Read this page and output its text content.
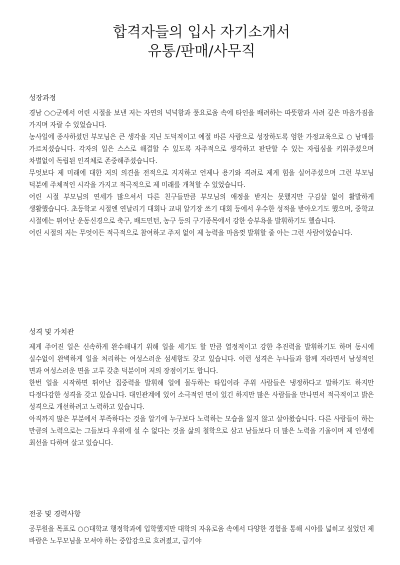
합격자들의 입사 자기소개서
유통/판매/사무직

성장과정

경남 ○○군에서 어린 시절을 보낸 저는 자연의 넉넉함과 풍요로움 속에 타인을 배려하는 따뜻함과 사려 깊은 마음가짐을 가지며 자랄 수 있었습니다.

농사일에 종사하셨던 부모님은 큰 생각을 지닌 도덕적이고 예절 바른 사람으로 성장하도록 엄한 가정교육으로 ○ 남매를 가르치셨습니다. 각자의 일은 스스로 해결할 수 있도록 자주적으로 생각하고 판단할 수 있는 자립심을 키워주셨으며 차별없이 독립된 인격체로 존중해주셨습니다.

무엇보다 제 미래에 대한 저의 의견을 전적으로 지지하고 언제나 용기와 격려로 제게 힘을 실어주셨으며 그런 부모님 덕분에 주체적인 시각을 가지고 적극적으로 제 미래를 개척할 수 있었습니다.

어린 시절 부모님의 연세가 많으셔서 다른 친구들만큼 부모님의 애정을 받지는 못했지만 구김살 없이 활발하게 생활했습니다. 초등학교 시절엔 연날리기 대회나 교내 알기장 쓰기 대회 등에서 우수한 성적을 받아오기도 했으며, 중학교 시절에는 뛰어난 운동신경으로 축구, 배드민턴, 농구 등의 구기종목에서 강한 승부욕을 발휘하기도 했습니다.

어린 시절의 저는 무엇이든 적극적으로 참여하고 주저 없이 제 능력을 마음껏 발휘할 줄 아는 그런 사람이었습니다.

성격 및 가치관

제게 주어진 일은 신속하게 완수해내기 위해 일을 세기도 할 만큼 열정적이고 강한 추진력을 발휘하기도 하며 동시에 실수없이 완벽하게 일을 처리하는 여성스러운 섬세함도 갖고 있습니다. 이런 성격은 누나들과 함께 자라면서 남성적인 면과 여성스러운 면을 고루 갖춘 덕분이며 저의 장점이기도 합니다.

한번 일을 시작하면 뛰어난 집중력을 발휘해 일에 몰두하는 타입이라 주위 사람들은 냉정하다고 말하기도 하지만 다정다감한 성격을 갖고 있습니다. 대인관계에 있어 소극적인 면이 있긴 하지만 많은 사람들을 만나면서 적극적이고 밝은 성격으로 개선하려고 노력하고 있습니다.

아직까지 많은 부분에서 부족하다는 것을 알기에 누구보다 노력하는 모습을 잃지 않고 살아왔습니다. 다른 사람들이 하는 만큼의 노력으로는 그들보다 우위에 설 수 없다는 것을 삶의 철학으로 삼고 남들보다 더 많은 노력을 기울이며 제 인생에 최선을 다하며 살고 있습니다.

전공 및 경력사항

공무원을 목표로 ○○대학교 행정학과에 입학했지만 대학의 자유로움 속에서 다양한 경험을 통해 시야를 넓히고 싶었던 제 바람은 노무모님을 모셔야 하는 중압감으로 흐려졌고, 급기야
